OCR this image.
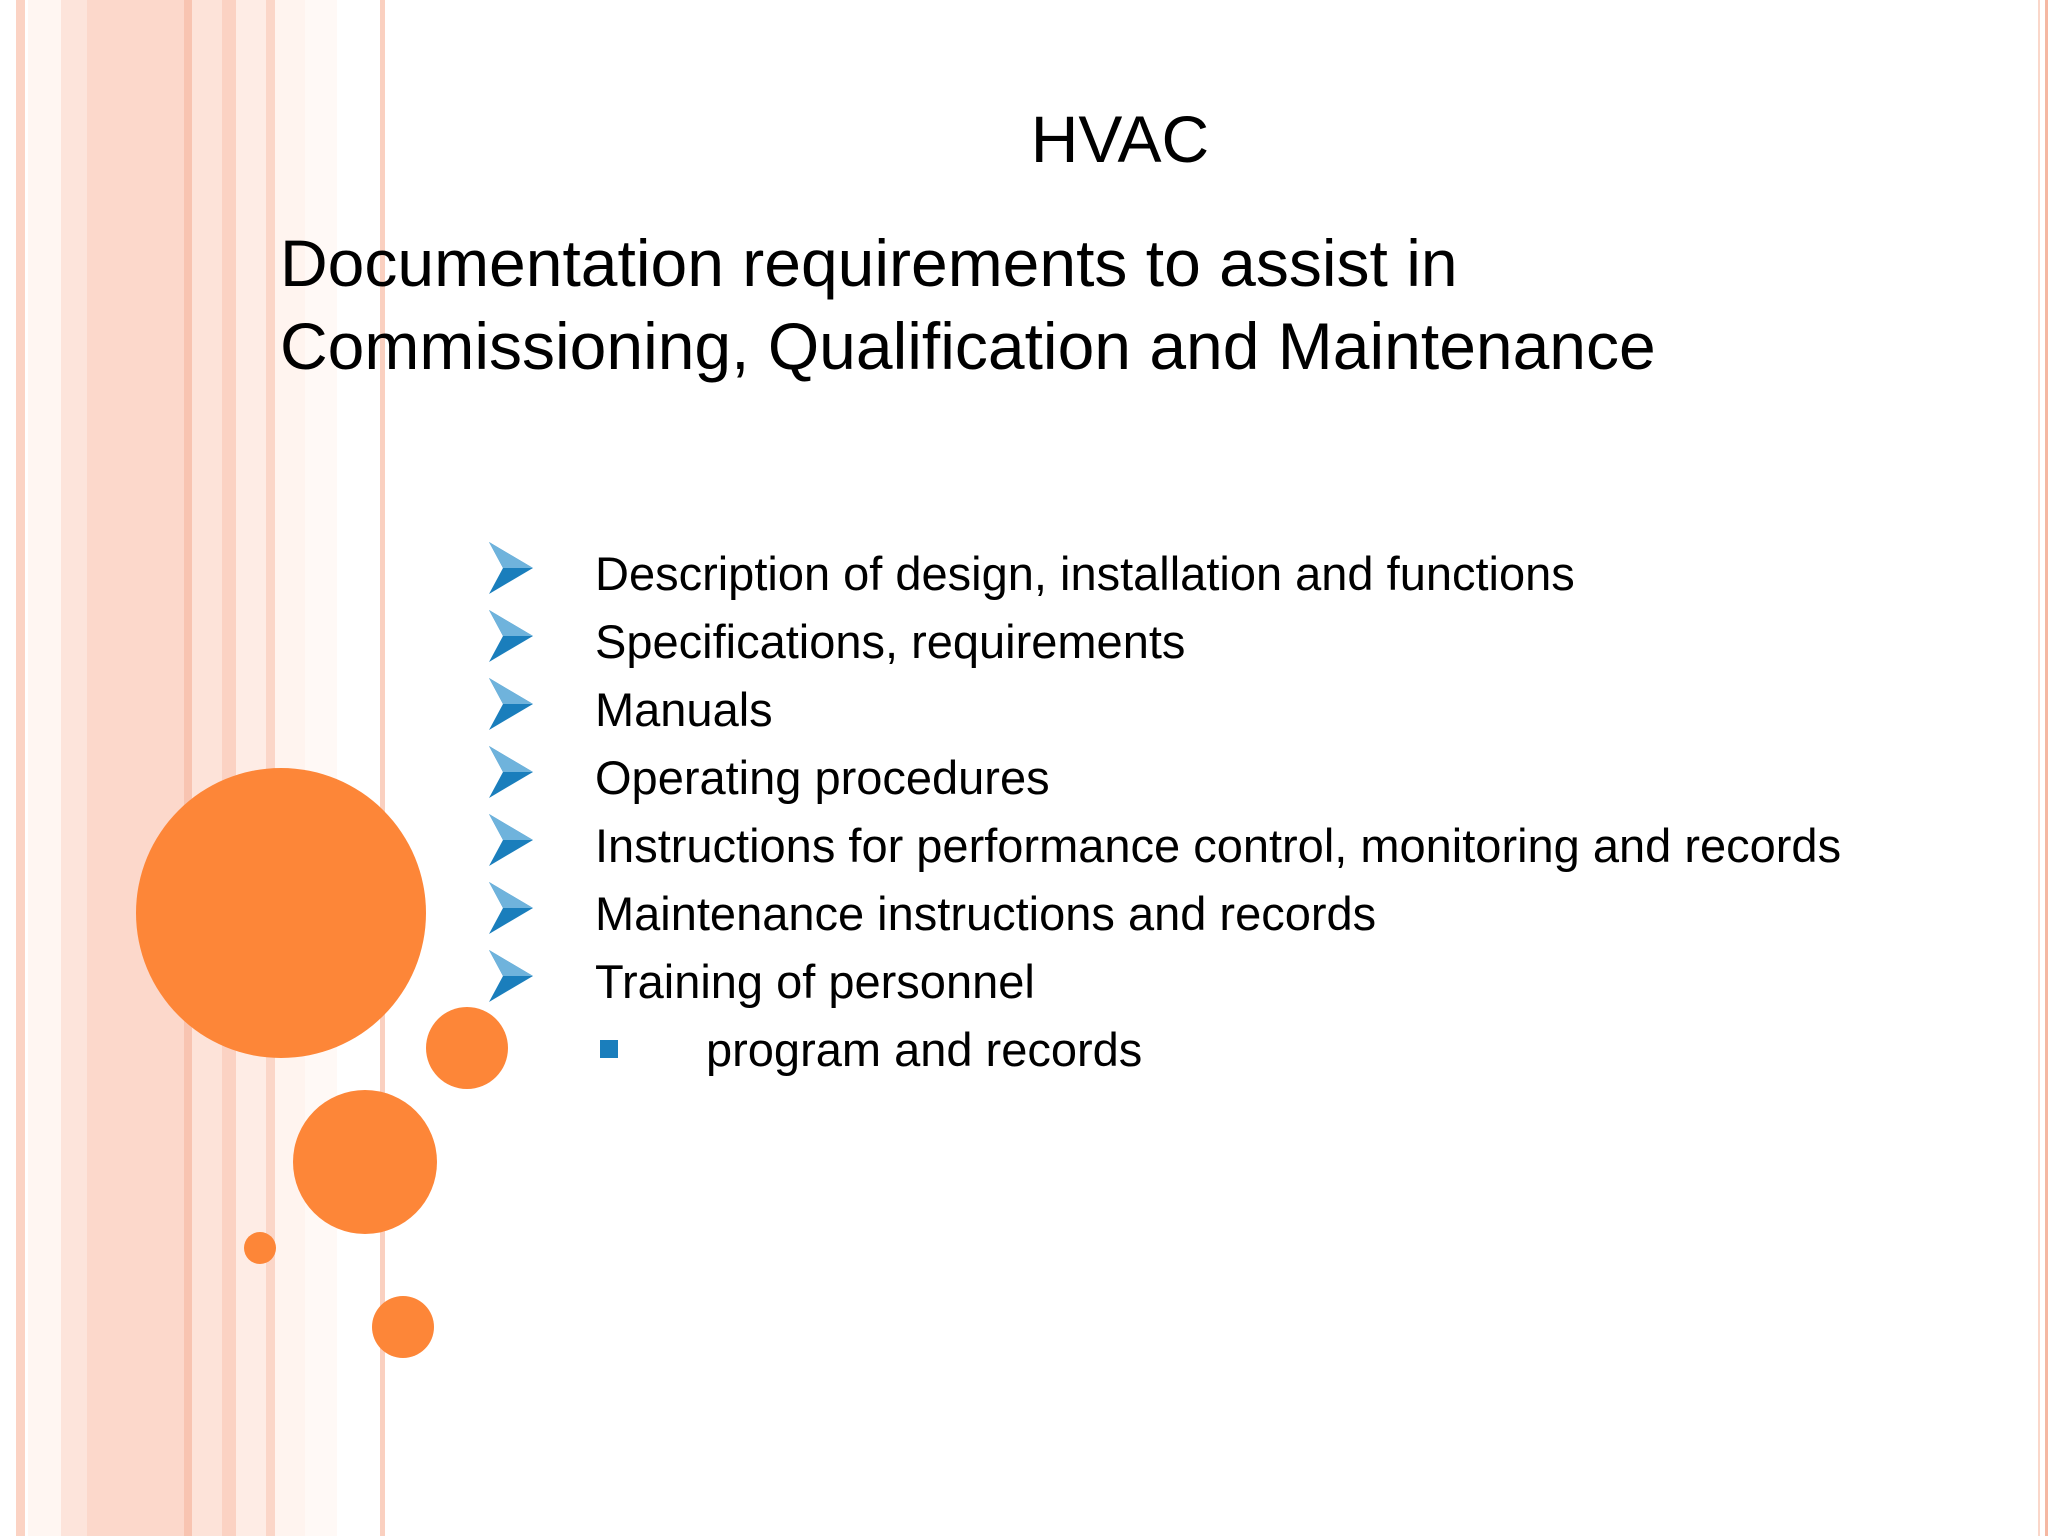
HVAC
Documentation requirements to assist in Commissioning, Qualification and Maintenance
Description of design, installation and functions
Specifications, requirements
Manuals
Operating procedures
Instructions for performance control, monitoring and records
Maintenance instructions and records
Training of personnel
program and records
